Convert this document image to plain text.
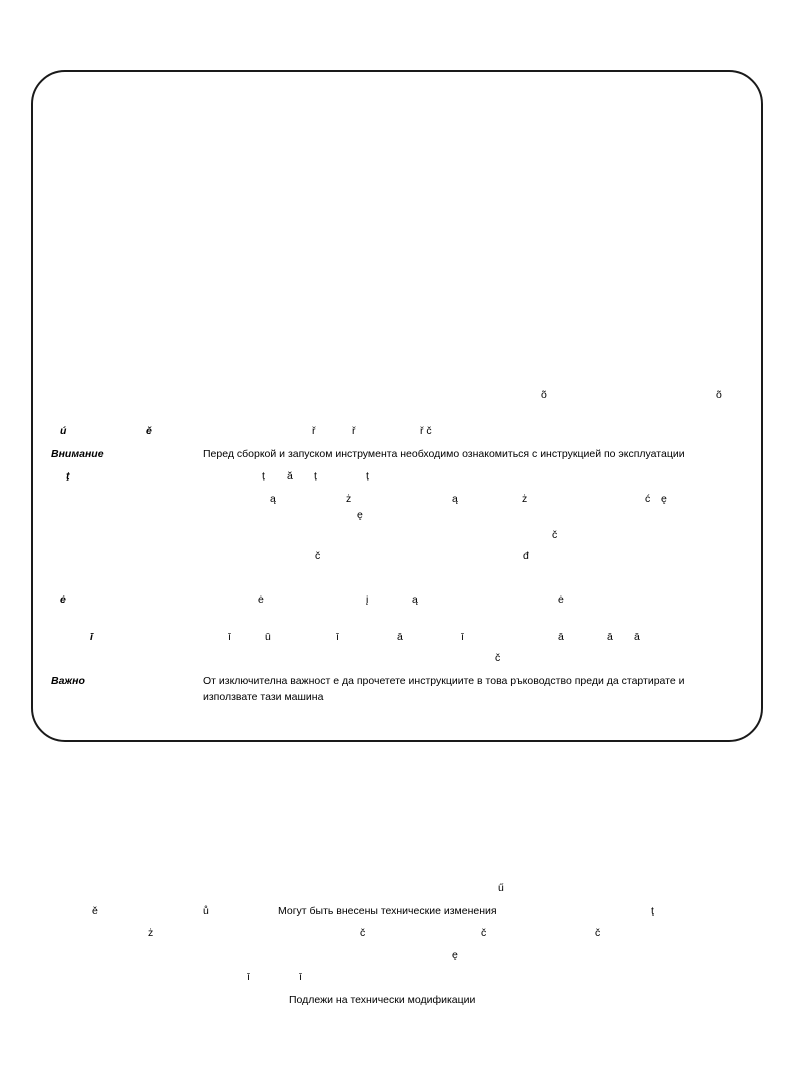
õ	õ
ú	ě	ř	ř	ř č
Внимание	Перед сборкой и запуском инструмента необходимо ознакомиться с инструкцией по эксплуатации
ţ	ț ă ț	ț
ą	ż	ą	ż	ć ę
ę
č
č	đ
ė	ė	į	ą	ė
ī	ī	ū	ī	ā	ī	ā	ā ā
č
Важно	От изключителна важност е да прочетете инструкциите в това ръководство преди да стартирате и
използвате тази машина
ű
ě	ů	Могут быть внесены технические изменения	ţ
ż	č	č	č
ę
ī	ī
Подлежи на технически модификации
